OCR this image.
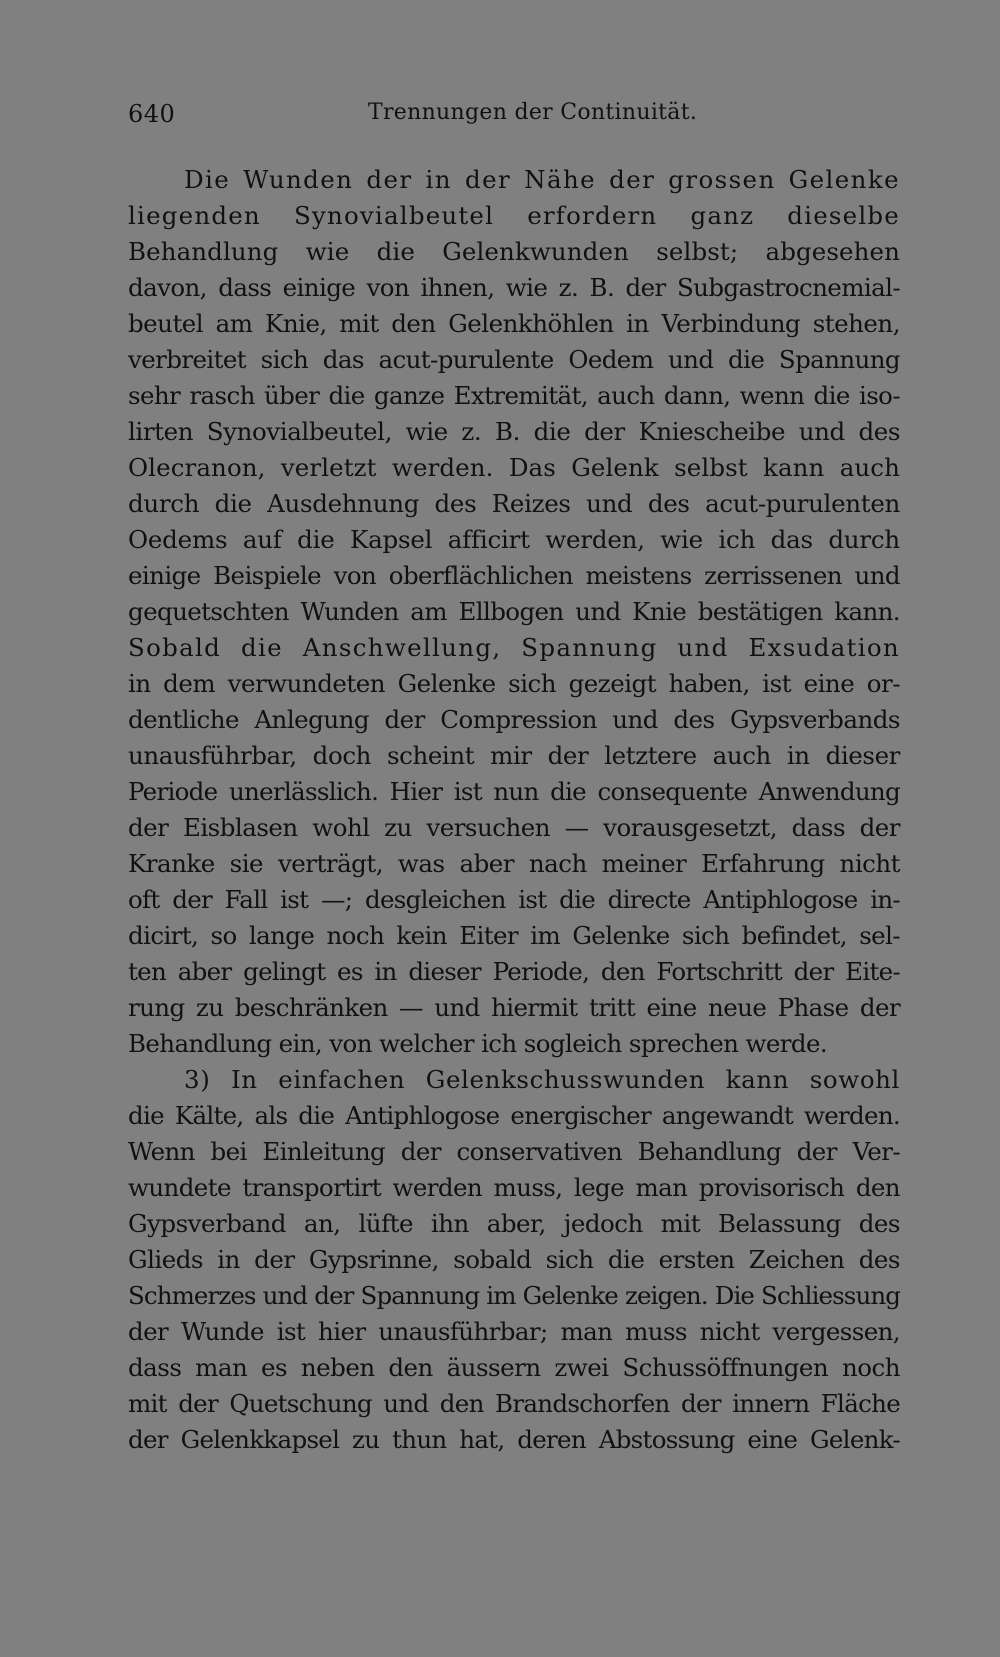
640	Trennungen der Continuität.
Die Wunden der in der Nähe der grossen Gelenke
liegenden Synovialbeutel erfordern ganz dieselbe
Behandlung wie die Gelenkwunden selbst; abgesehen
davon, dass einige von ihnen, wie z. B. der Subgastrocnemial-
beutel am Knie, mit den Gelenkhöhlen in Verbindung stehen,
verbreitet sich das acut-purulente Oedem und die Spannung
sehr rasch über die ganze Extremität, auch dann, wenn die iso-
lirten Synovialbeutel, wie z. B. die der Kniescheibe und des
Olecranon, verletzt werden. Das Gelenk selbst kann auch
durch die Ausdehnung des Reizes und des acut-purulenten
Oedems auf die Kapsel afficirt werden, wie ich das durch
einige Beispiele von oberflächlichen meistens zerrissenen und
gequetschten Wunden am Ellbogen und Knie bestätigen kann.
Sobald die Anschwellung, Spannung und Exsudation
in dem verwundeten Gelenke sich gezeigt haben, ist eine or-
dentliche Anlegung der Compression und des Gypsverbands
unausführbar, doch scheint mir der letztere auch in dieser
Periode unerlässlich. Hier ist nun die consequente Anwendung
der Eisblasen wohl zu versuchen — vorausgesetzt, dass der
Kranke sie verträgt, was aber nach meiner Erfahrung nicht
oft der Fall ist —; desgleichen ist die directe Antiphlogose in-
dicirt, so lange noch kein Eiter im Gelenke sich befindet, sel-
ten aber gelingt es in dieser Periode, den Fortschritt der Eite-
rung zu beschränken — und hiermit tritt eine neue Phase der
Behandlung ein, von welcher ich sogleich sprechen werde.
3) In einfachen Gelenkschusswunden kann sowohl
die Kälte, als die Antiphlogose energischer angewandt werden.
Wenn bei Einleitung der conservativen Behandlung der Ver-
wundete transportirt werden muss, lege man provisorisch den
Gypsverband an, lüfte ihn aber, jedoch mit Belassung des
Glieds in der Gypsrinne, sobald sich die ersten Zeichen des
Schmerzes und der Spannung im Gelenke zeigen. Die Schliessung
der Wunde ist hier unausführbar; man muss nicht vergessen,
dass man es neben den äussern zwei Schussöffnungen noch
mit der Quetschung und den Brandschorfen der innern Fläche
der Gelenkkapsel zu thun hat, deren Abstossung eine Gelenk-
